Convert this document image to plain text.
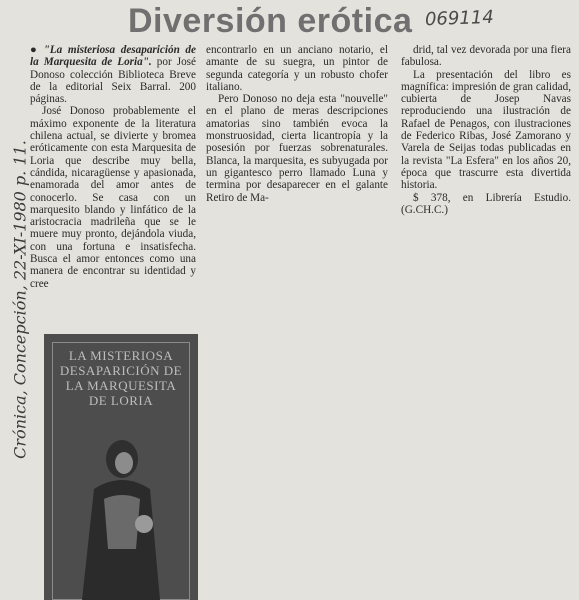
Diversión erótica 069114
Crónica, Concepción, 22-XI-1980 p. 11.

● "La misteriosa desaparición de la Marquesita de Loria". por José Donoso colección Biblioteca Breve de la editorial Seix Barral. 200 páginas.

José Donoso probablemente el máximo exponente de la literatura chilena actual, se divierte y bromea eróticamente con esta Marquesita de Loria que describe muy bella, cándida, nicaragüense y apasionada, enamorada del amor antes de conocerlo. Se casa con un marquesito blando y linfático de la aristocracia madrileña que se le muere muy pronto, dejándola viuda, con una fortuna e insatisfecha. Busca el amor entonces como una manera de encontrar su identidad y cree

encontrarlo en un anciano notario, el amante de su suegra, un pintor de segunda categoría y un robusto chofer italiano.

Pero Donoso no deja esta "nouvelle" en el plano de meras descripciones amatorias sino también evoca la monstruosidad, cierta licantropía y la posesión por fuerzas sobrenaturales. Blanca, la marquesita, es subyugada por un gigantesco perro llamado Luna y termina por desaparecer en el galante Retiro de Ma-

drid, tal vez devorada por una fiera fabulosa.

La presentación del libro es magnífica: impresión de gran calidad, cubierta de Josep Navas reproduciendo una ilustración de Rafael de Penagos, con ilustraciones de Federico Ribas, José Zamorano y Varela de Seijas todas publicadas en la revista "La Esfera" en los años 20, época que trascurre esta divertida historia.

$ 378, en Librería Estudio. (G.CH.C.)

LA MISTERIOSA DESAPARICIÓN DE LA MARQUESITA DE LORIA
